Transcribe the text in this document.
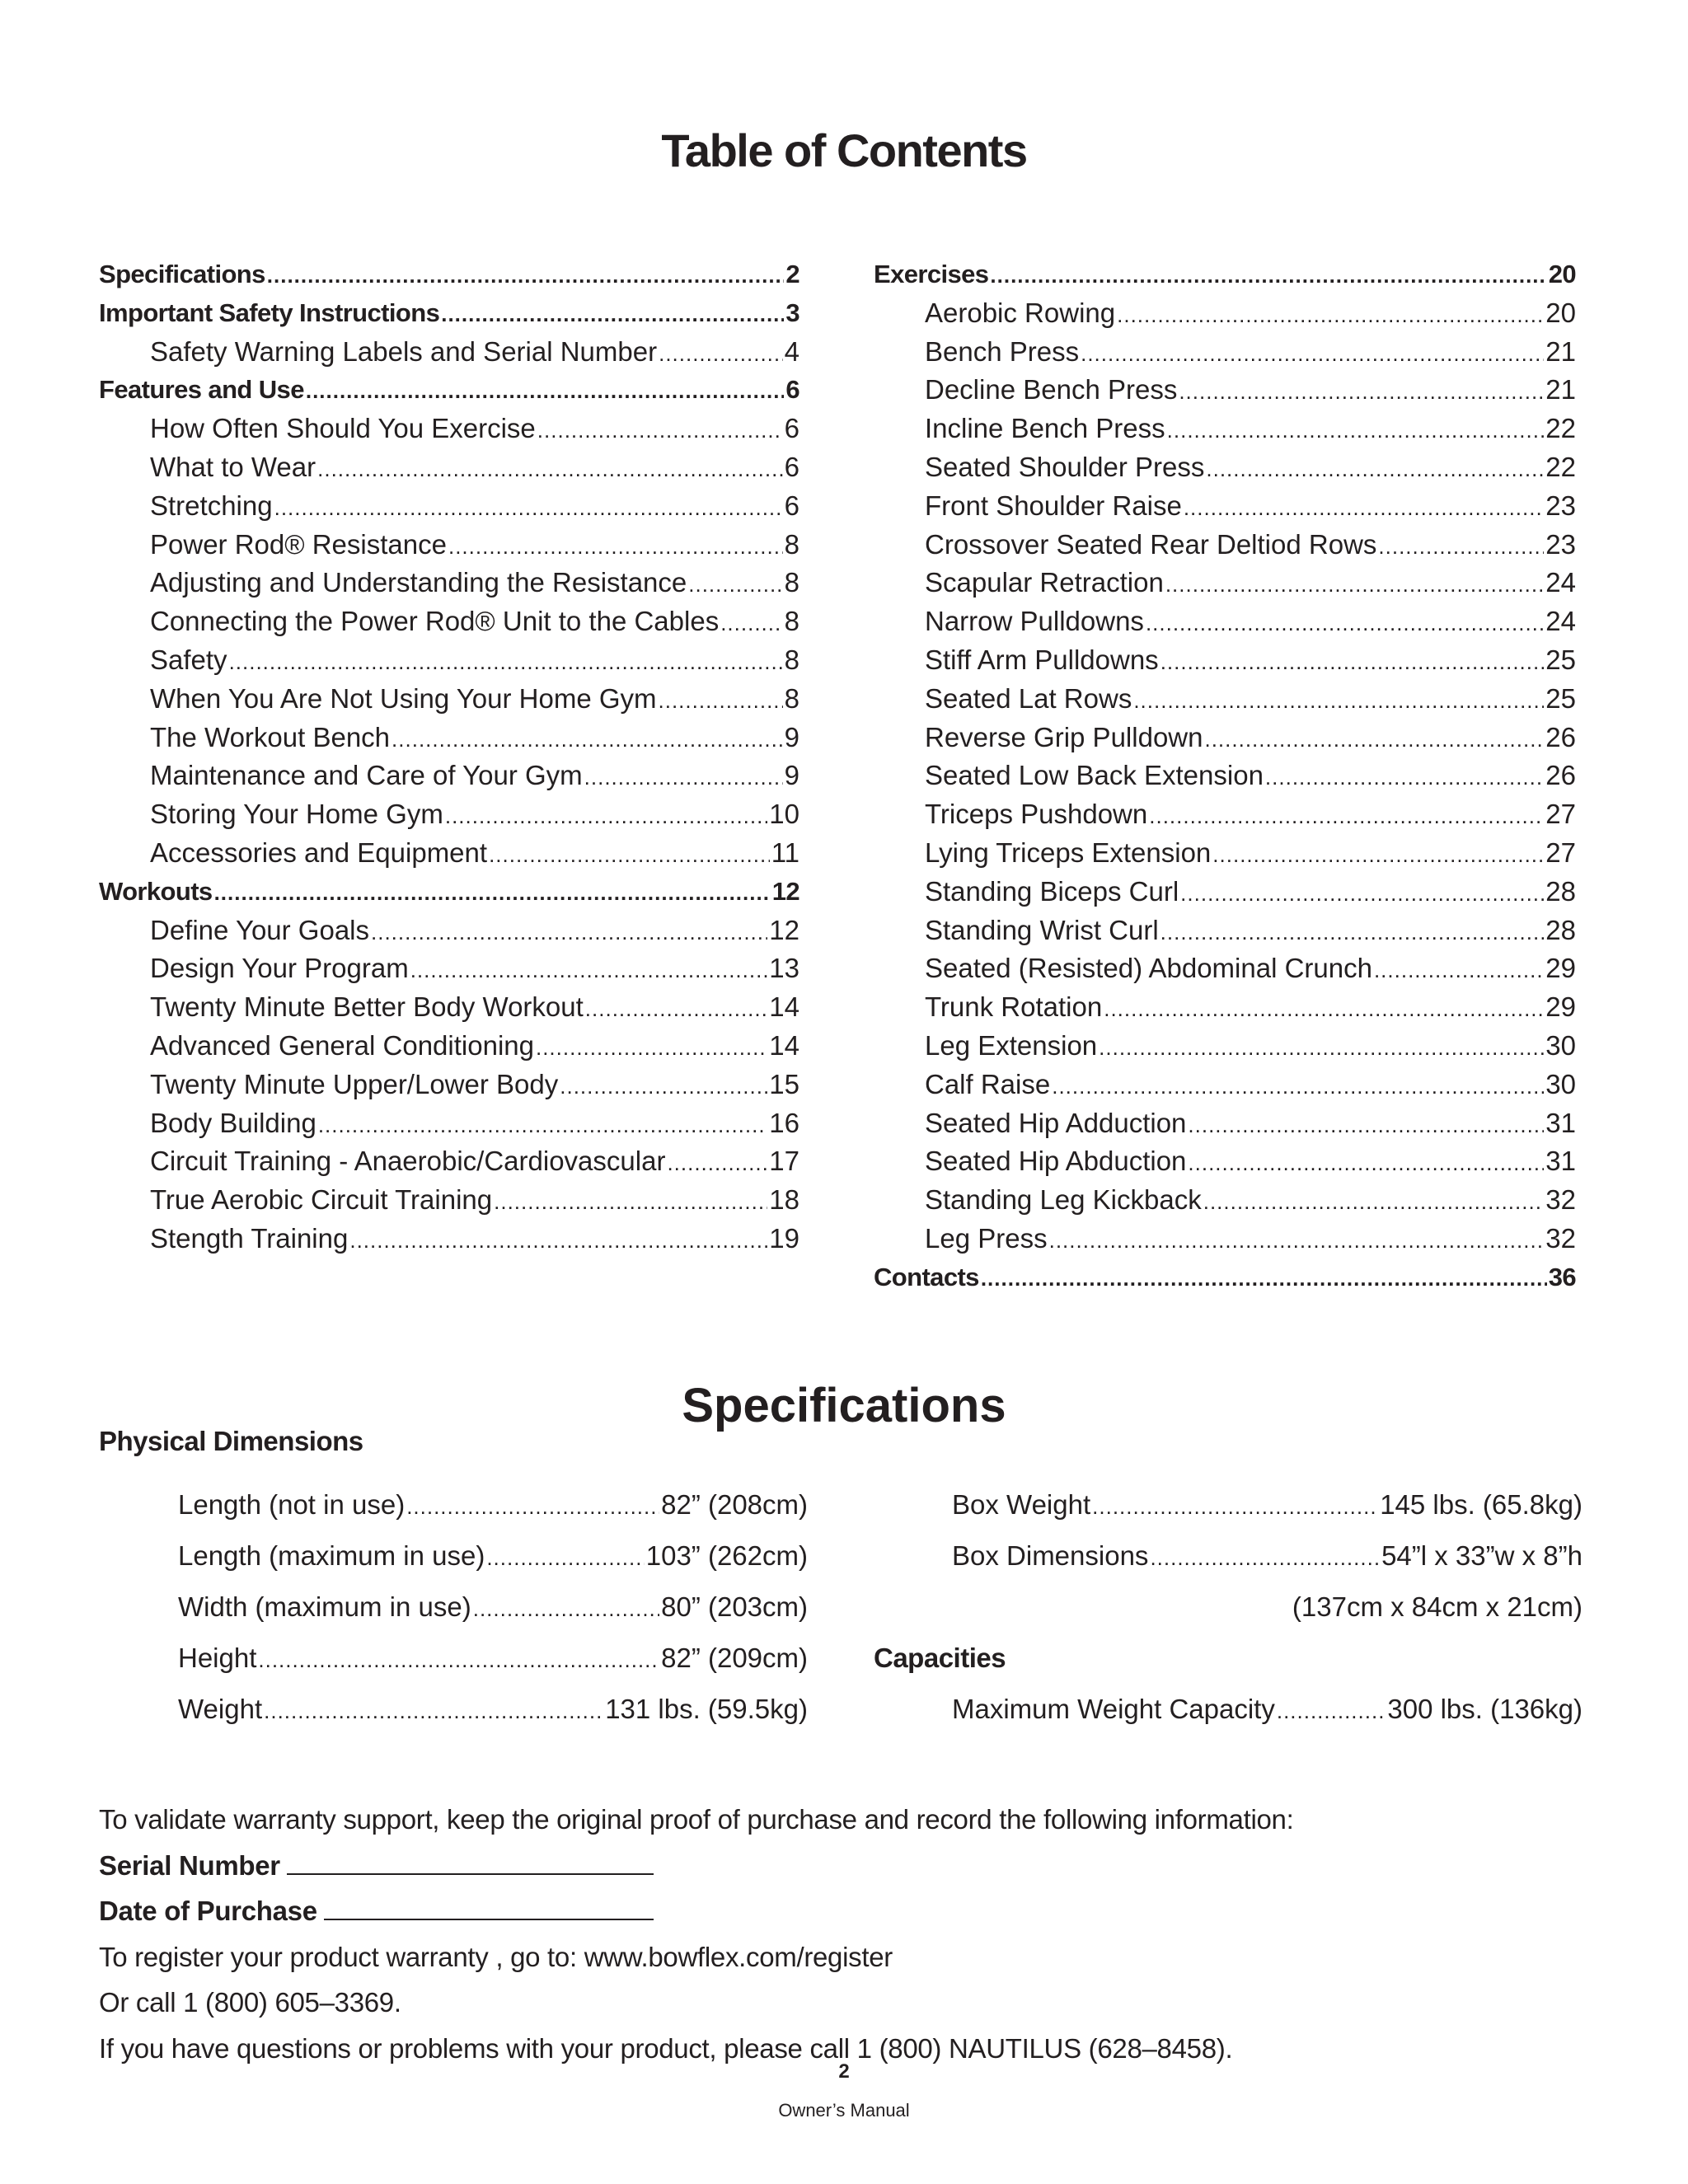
Table of Contents
Specifications .....	2
Important Safety Instructions .....	3
Safety Warning Labels and Serial Number .....	4
Features and Use .....	6
How Often Should You Exercise .....	6
What to Wear .....	6
Stretching .....	6
Power Rod® Resistance .....	8
Adjusting and Understanding the Resistance .....	8
Connecting the Power Rod® Unit to the Cables ..... 8
Safety .....	8
When You Are Not Using Your Home Gym .....	8
The Workout Bench .....	9
Maintenance and Care of Your Gym .....	9
Storing Your Home Gym .....	10
Accessories and Equipment .....	11
Workouts .....	12
Define Your Goals .....	12
Design Your Program .....	13
Twenty Minute Better Body Workout .....	14
Advanced General Conditioning .....	14
Twenty Minute Upper/Lower Body .....	15
Body Building .....	16
Circuit Training - Anaerobic/Cardiovascular .....	17
True Aerobic Circuit Training .....	18
Stength Training .....	19
Exercises .....	20
Aerobic Rowing .....	20
Bench Press .....	21
Decline Bench Press .....	21
Incline Bench Press .....	22
Seated Shoulder Press .....	22
Front Shoulder Raise .....	23
Crossover Seated Rear Deltiod Rows .....	23
Scapular Retraction .....	24
Narrow Pulldowns .....	24
Stiff Arm Pulldowns .....	25
Seated Lat Rows .....	25
Reverse Grip Pulldown .....	26
Seated Low Back Extension .....	26
Triceps Pushdown .....	27
Lying Triceps Extension .....	27
Standing Biceps Curl .....	28
Standing Wrist Curl .....	28
Seated (Resisted) Abdominal Crunch .....	29
Trunk Rotation .....	29
Leg Extension .....	30
Calf Raise .....	30
Seated Hip Adduction .....	31
Seated Hip Abduction .....	31
Standing Leg Kickback .....	32
Leg Press .....	32
Contacts .....	36
Specifications
Physical Dimensions
Length (not in use) .....	82” (208cm)
Length (maximum in use) .....	103” (262cm)
Width (maximum in use) .....	80” (203cm)
Height .....	82” (209cm)
Weight .....	131 lbs. (59.5kg)
Box Weight .....	145 lbs. (65.8kg)
Box Dimensions .....	54”l x 33”w x 8”h
(137cm x 84cm x 21cm)
Capacities
Maximum Weight Capacity .....	300 lbs. (136kg)
To validate warranty support, keep the original proof of purchase and record the following information:
Serial Number
Date of Purchase
To register your product warranty , go to: www.bowflex.com/register
Or call 1 (800) 605–3369.
If you have questions or problems with your product, please call 1 (800) NAUTILUS (628–8458).
2
Owner’s Manual
